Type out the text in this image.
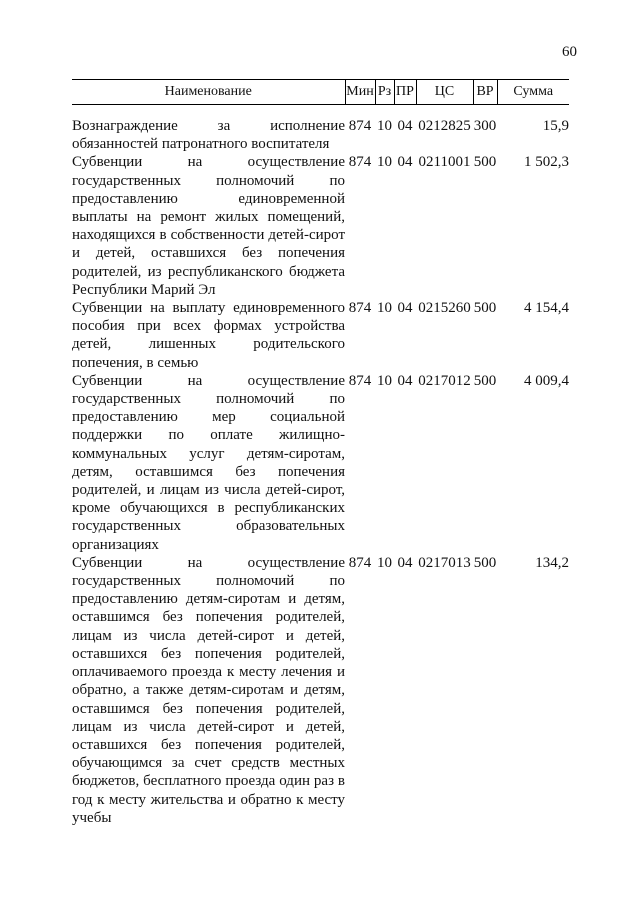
60
Наименование	Мин	Рз	ПР	ЦС	ВР	Сумма

Вознаграждение за исполнение обязанностей патронатного воспитателя	874	10	04	0212825	300	15,9
Субвенции на осуществление государственных полномочий по предоставлению единовременной выплаты на ремонт жилых помещений, находящихся в собственности детей-сирот и детей, оставшихся без попечения родителей, из республиканского бюджета Республики Марий Эл	874	10	04	0211001	500	1 502,3
Субвенции на выплату единовременного пособия при всех формах устройства детей, лишенных родительского попечения, в семью	874	10	04	0215260	500	4 154,4
Субвенции на осуществление государственных полномочий по предоставлению мер социальной поддержки по оплате жилищно-коммунальных услуг детям-сиротам, детям, оставшимся без попечения родителей, и лицам из числа детей-сирот, кроме обучающихся в республиканских государственных образовательных организациях	874	10	04	0217012	500	4 009,4
Субвенции на осуществление государственных полномочий по предоставлению детям-сиротам и детям, оставшимся без попечения родителей, лицам из числа детей-сирот и детей, оставшихся без попечения родителей, оплачиваемого проезда к месту лечения и обратно, а также детям-сиротам и детям, оставшимся без попечения родителей, лицам из числа детей-сирот и детей, оставшихся без попечения родителей, обучающимся за счет средств местных бюджетов, бесплатного проезда один раз в год к месту жительства и обратно к месту учебы	874	10	04	0217013	500	134,2
